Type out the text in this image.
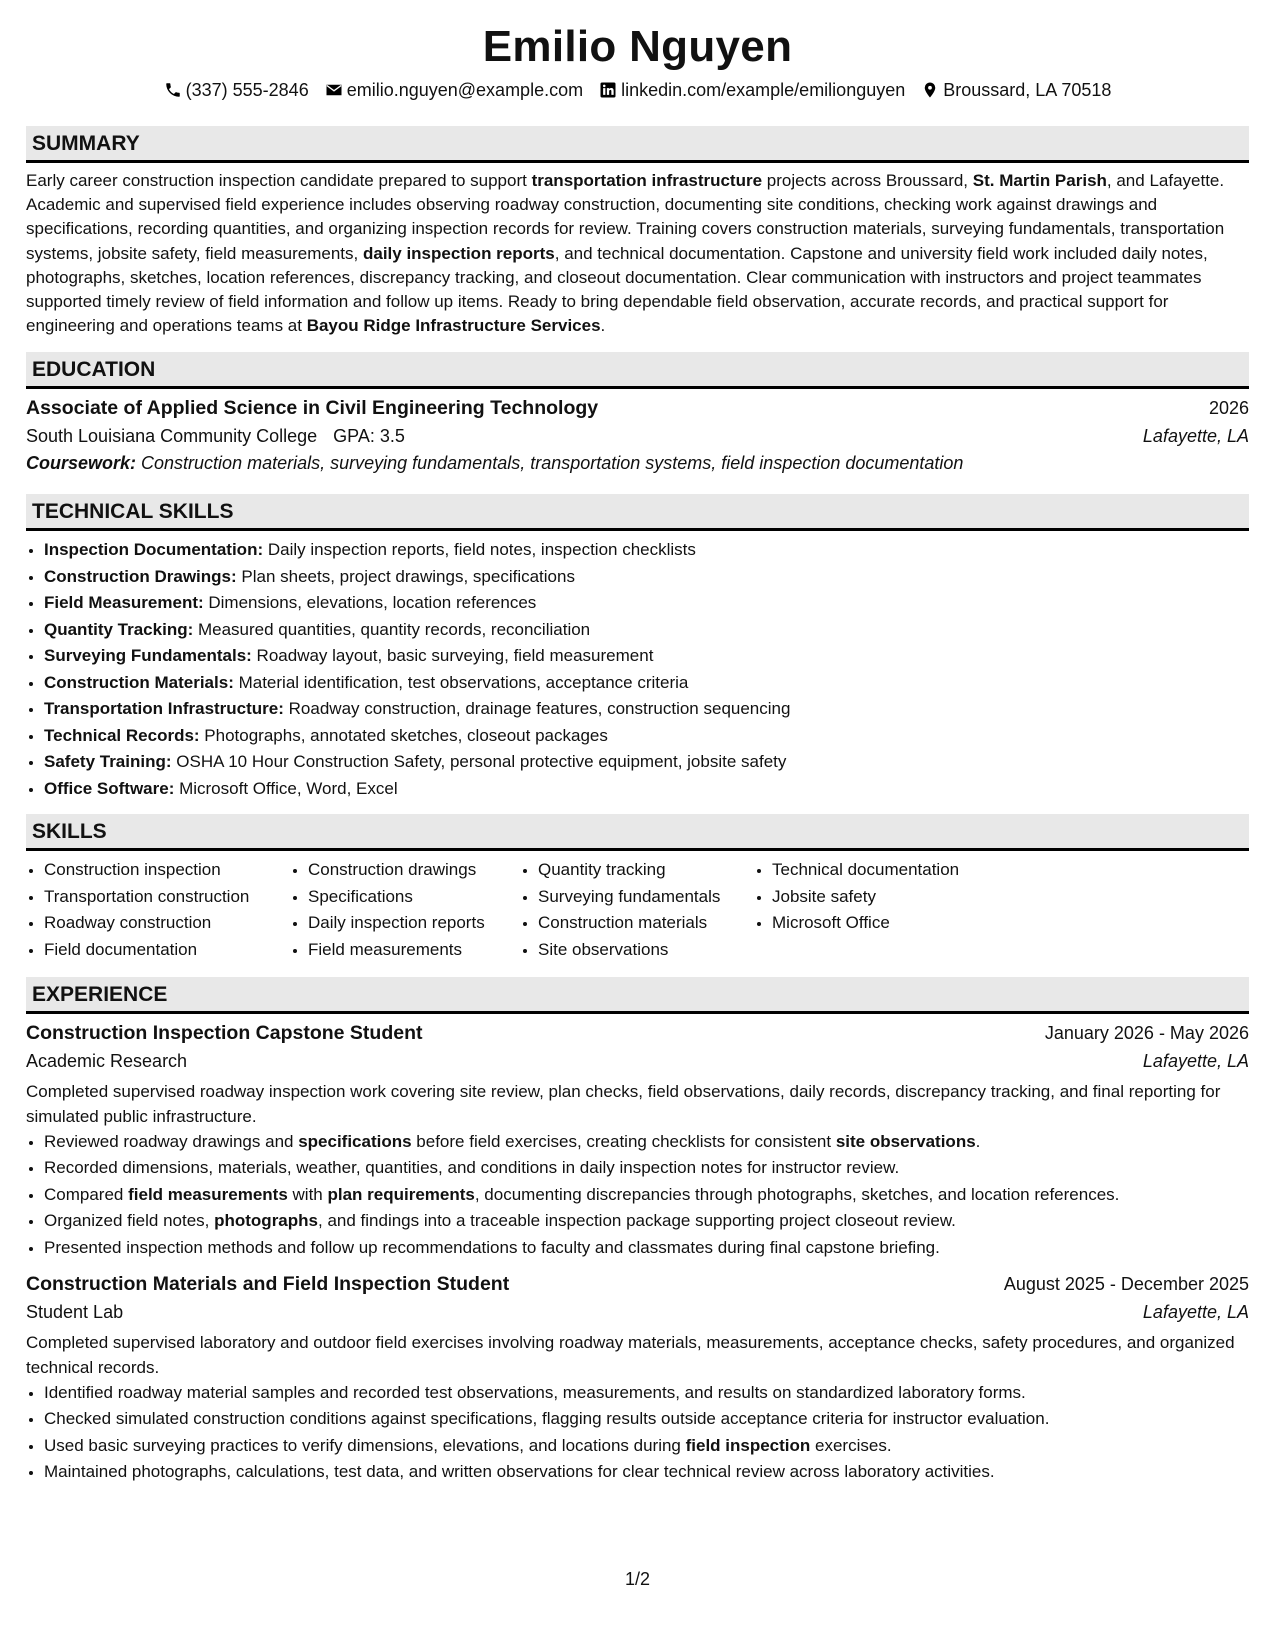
Emilio Nguyen
(337) 555-2846 emilio.nguyen@example.com linkedin.com/example/emilionguyen Broussard, LA 70518
SUMMARY

Early career construction inspection candidate prepared to support transportation infrastructure projects across Broussard, St. Martin Parish, and Lafayette. Academic and supervised field experience includes observing roadway construction, documenting site conditions, checking work against drawings and specifications, recording quantities, and organizing inspection records for review. Training covers construction materials, surveying fundamentals, transportation systems, jobsite safety, field measurements, daily inspection reports, and technical documentation. Capstone and university field work included daily notes, photographs, sketches, location references, discrepancy tracking, and closeout documentation. Clear communication with instructors and project teammates supported timely review of field information and follow up items. Ready to bring dependable field observation, accurate records, and practical support for engineering and operations teams at Bayou Ridge Infrastructure Services.

EDUCATION
Associate of Applied Science in Civil Engineering Technology	2026
South Louisiana Community College GPA: 3.5	Lafayette, LA
Coursework: Construction materials, surveying fundamentals, transportation systems, field inspection documentation
TECHNICAL SKILLS
• Inspection Documentation: Daily inspection reports, field notes, inspection checklists
• Construction Drawings: Plan sheets, project drawings, specifications
• Field Measurement: Dimensions, elevations, location references
• Quantity Tracking: Measured quantities, quantity records, reconciliation
• Surveying Fundamentals: Roadway layout, basic surveying, field measurement
• Construction Materials: Material identification, test observations, acceptance criteria
• Transportation Infrastructure: Roadway construction, drainage features, construction sequencing
• Technical Records: Photographs, annotated sketches, closeout packages
• Safety Training: OSHA 10 Hour Construction Safety, personal protective equipment, jobsite safety
• Office Software: Microsoft Office, Word, Excel
SKILLS
• Construction inspection
• Transportation construction
• Roadway construction
• Field documentation
• Construction drawings
• Specifications
• Daily inspection reports
• Field measurements
• Quantity tracking
• Surveying fundamentals
• Construction materials
• Site observations
• Technical documentation
• Jobsite safety
• Microsoft Office
EXPERIENCE
Construction Inspection Capstone Student	January 2026 - May 2026
Academic Research	Lafayette, LA
Completed supervised roadway inspection work covering site review, plan checks, field observations, daily records, discrepancy tracking, and final reporting for simulated public infrastructure.
• Reviewed roadway drawings and specifications before field exercises, creating checklists for consistent site observations.
• Recorded dimensions, materials, weather, quantities, and conditions in daily inspection notes for instructor review.
• Compared field measurements with plan requirements, documenting discrepancies through photographs, sketches, and location references.
• Organized field notes, photographs, and findings into a traceable inspection package supporting project closeout review.
• Presented inspection methods and follow up recommendations to faculty and classmates during final capstone briefing.
Construction Materials and Field Inspection Student	August 2025 - December 2025
Student Lab	Lafayette, LA
Completed supervised laboratory and outdoor field exercises involving roadway materials, measurements, acceptance checks, safety procedures, and organized technical records.
• Identified roadway material samples and recorded test observations, measurements, and results on standardized laboratory forms.
• Checked simulated construction conditions against specifications, flagging results outside acceptance criteria for instructor evaluation.
• Used basic surveying practices to verify dimensions, elevations, and locations during field inspection exercises.
• Maintained photographs, calculations, test data, and written observations for clear technical review across laboratory activities.
1/2
